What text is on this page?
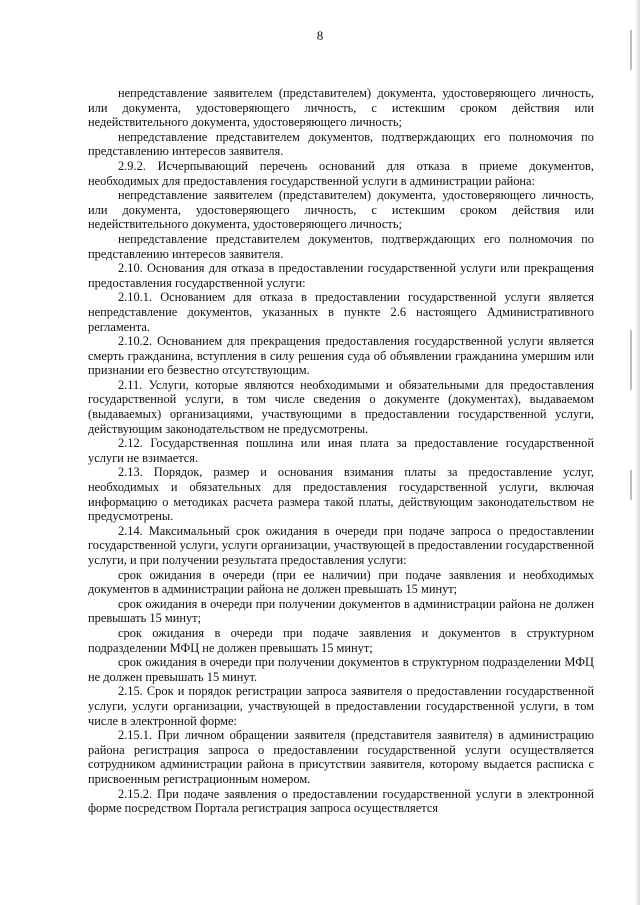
8

непредставление заявителем (представителем) документа, удостоверяющего личность, или документа, удостоверяющего личность, с истекшим сроком действия или недействительного документа, удостоверяющего личность;

непредставление представителем документов, подтверждающих его полномочия по представлению интересов заявителя.

2.9.2. Исчерпывающий перечень оснований для отказа в приеме документов, необходимых для предоставления государственной услуги в администрации района:

непредставление заявителем (представителем) документа, удостоверяющего личность, или документа, удостоверяющего личность, с истекшим сроком действия или недействительного документа, удостоверяющего личность;

непредставление представителем документов, подтверждающих его полномочия по представлению интересов заявителя.

2.10. Основания для отказа в предоставлении государственной услуги или прекращения предоставления государственной услуги:

2.10.1. Основанием для отказа в предоставлении государственной услуги является непредставление документов, указанных в пункте 2.6 настоящего Административного регламента.

2.10.2. Основанием для прекращения предоставления государственной услуги является смерть гражданина, вступления в силу решения суда об объявлении гражданина умершим или признании его безвестно отсутствующим.

2.11. Услуги, которые являются необходимыми и обязательными для предоставления государственной услуги, в том числе сведения о документе (документах), выдаваемом (выдаваемых) организациями, участвующими в предоставлении государственной услуги, действующим законодательством не предусмотрены.

2.12. Государственная пошлина или иная плата за предоставление государственной услуги не взимается.

2.13. Порядок, размер и основания взимания платы за предоставление услуг, необходимых и обязательных для предоставления государственной услуги, включая информацию о методиках расчета размера такой платы, действующим законодательством не предусмотрены.

2.14. Максимальный срок ожидания в очереди при подаче запроса о предоставлении государственной услуги, услуги организации, участвующей в предоставлении государственной услуги, и при получении результата предоставления услуги:

срок ожидания в очереди (при ее наличии) при подаче заявления и необходимых документов в администрации района не должен превышать 15 минут;

срок ожидания в очереди при получении документов в администрации района не должен превышать 15 минут;

срок ожидания в очереди при подаче заявления и документов в структурном подразделении МФЦ не должен превышать 15 минут;

срок ожидания в очереди при получении документов в структурном подразделении МФЦ не должен превышать 15 минут.

2.15. Срок и порядок регистрации запроса заявителя о предоставлении государственной услуги, услуги организации, участвующей в предоставлении государственной услуги, в том числе в электронной форме:

2.15.1. При личном обращении заявителя (представителя заявителя) в администрацию района регистрация запроса о предоставлении государственной услуги осуществляется сотрудником администрации района в присутствии заявителя, которому выдается расписка с присвоенным регистрационным номером.

2.15.2. При подаче заявления о предоставлении государственной услуги в электронной форме посредством Портала регистрация запроса осуществляется
